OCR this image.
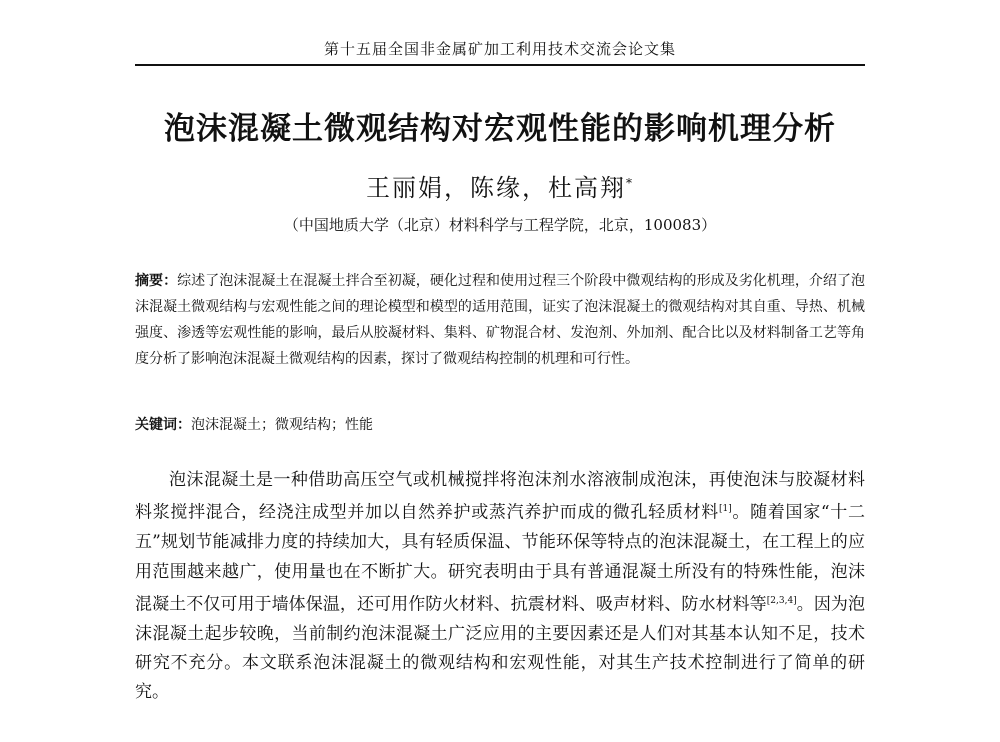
第十五届全国非金属矿加工利用技术交流会论文集
泡沫混凝土微观结构对宏观性能的影响机理分析
王丽娟，陈缘，杜高翔*
（中国地质大学（北京）材料科学与工程学院，北京，100083）
摘要：综述了泡沫混凝土在混凝土拌合至初凝，硬化过程和使用过程三个阶段中微观结构的形成及劣化机理，介绍了泡沫混凝土微观结构与宏观性能之间的理论模型和模型的适用范围，证实了泡沫混凝土的微观结构对其自重、导热、机械强度、渗透等宏观性能的影响，最后从胶凝材料、集料、矿物混合材、发泡剂、外加剂、配合比以及材料制备工艺等角度分析了影响泡沫混凝土微观结构的因素，探讨了微观结构控制的机理和可行性。
关键词：泡沫混凝土；微观结构；性能
泡沫混凝土是一种借助高压空气或机械搅拌将泡沫剂水溶液制成泡沫，再使泡沫与胶凝材料料浆搅拌混合，经浇注成型并加以自然养护或蒸汽养护而成的微孔轻质材料[1]。随着国家“十二五”规划节能减排力度的持续加大，具有轻质保温、节能环保等特点的泡沫混凝土，在工程上的应用范围越来越广，使用量也在不断扩大。研究表明由于具有普通混凝土所没有的特殊性能，泡沫混凝土不仅可用于墙体保温，还可用作防火材料、抗震材料、吸声材料、防水材料等[2,3,4]。因为泡沫混凝土起步较晚，当前制约泡沫混凝土广泛应用的主要因素还是人们对其基本认知不足，技术研究不充分。本文联系泡沫混凝土的微观结构和宏观性能，对其生产技术控制进行了简单的研究。
